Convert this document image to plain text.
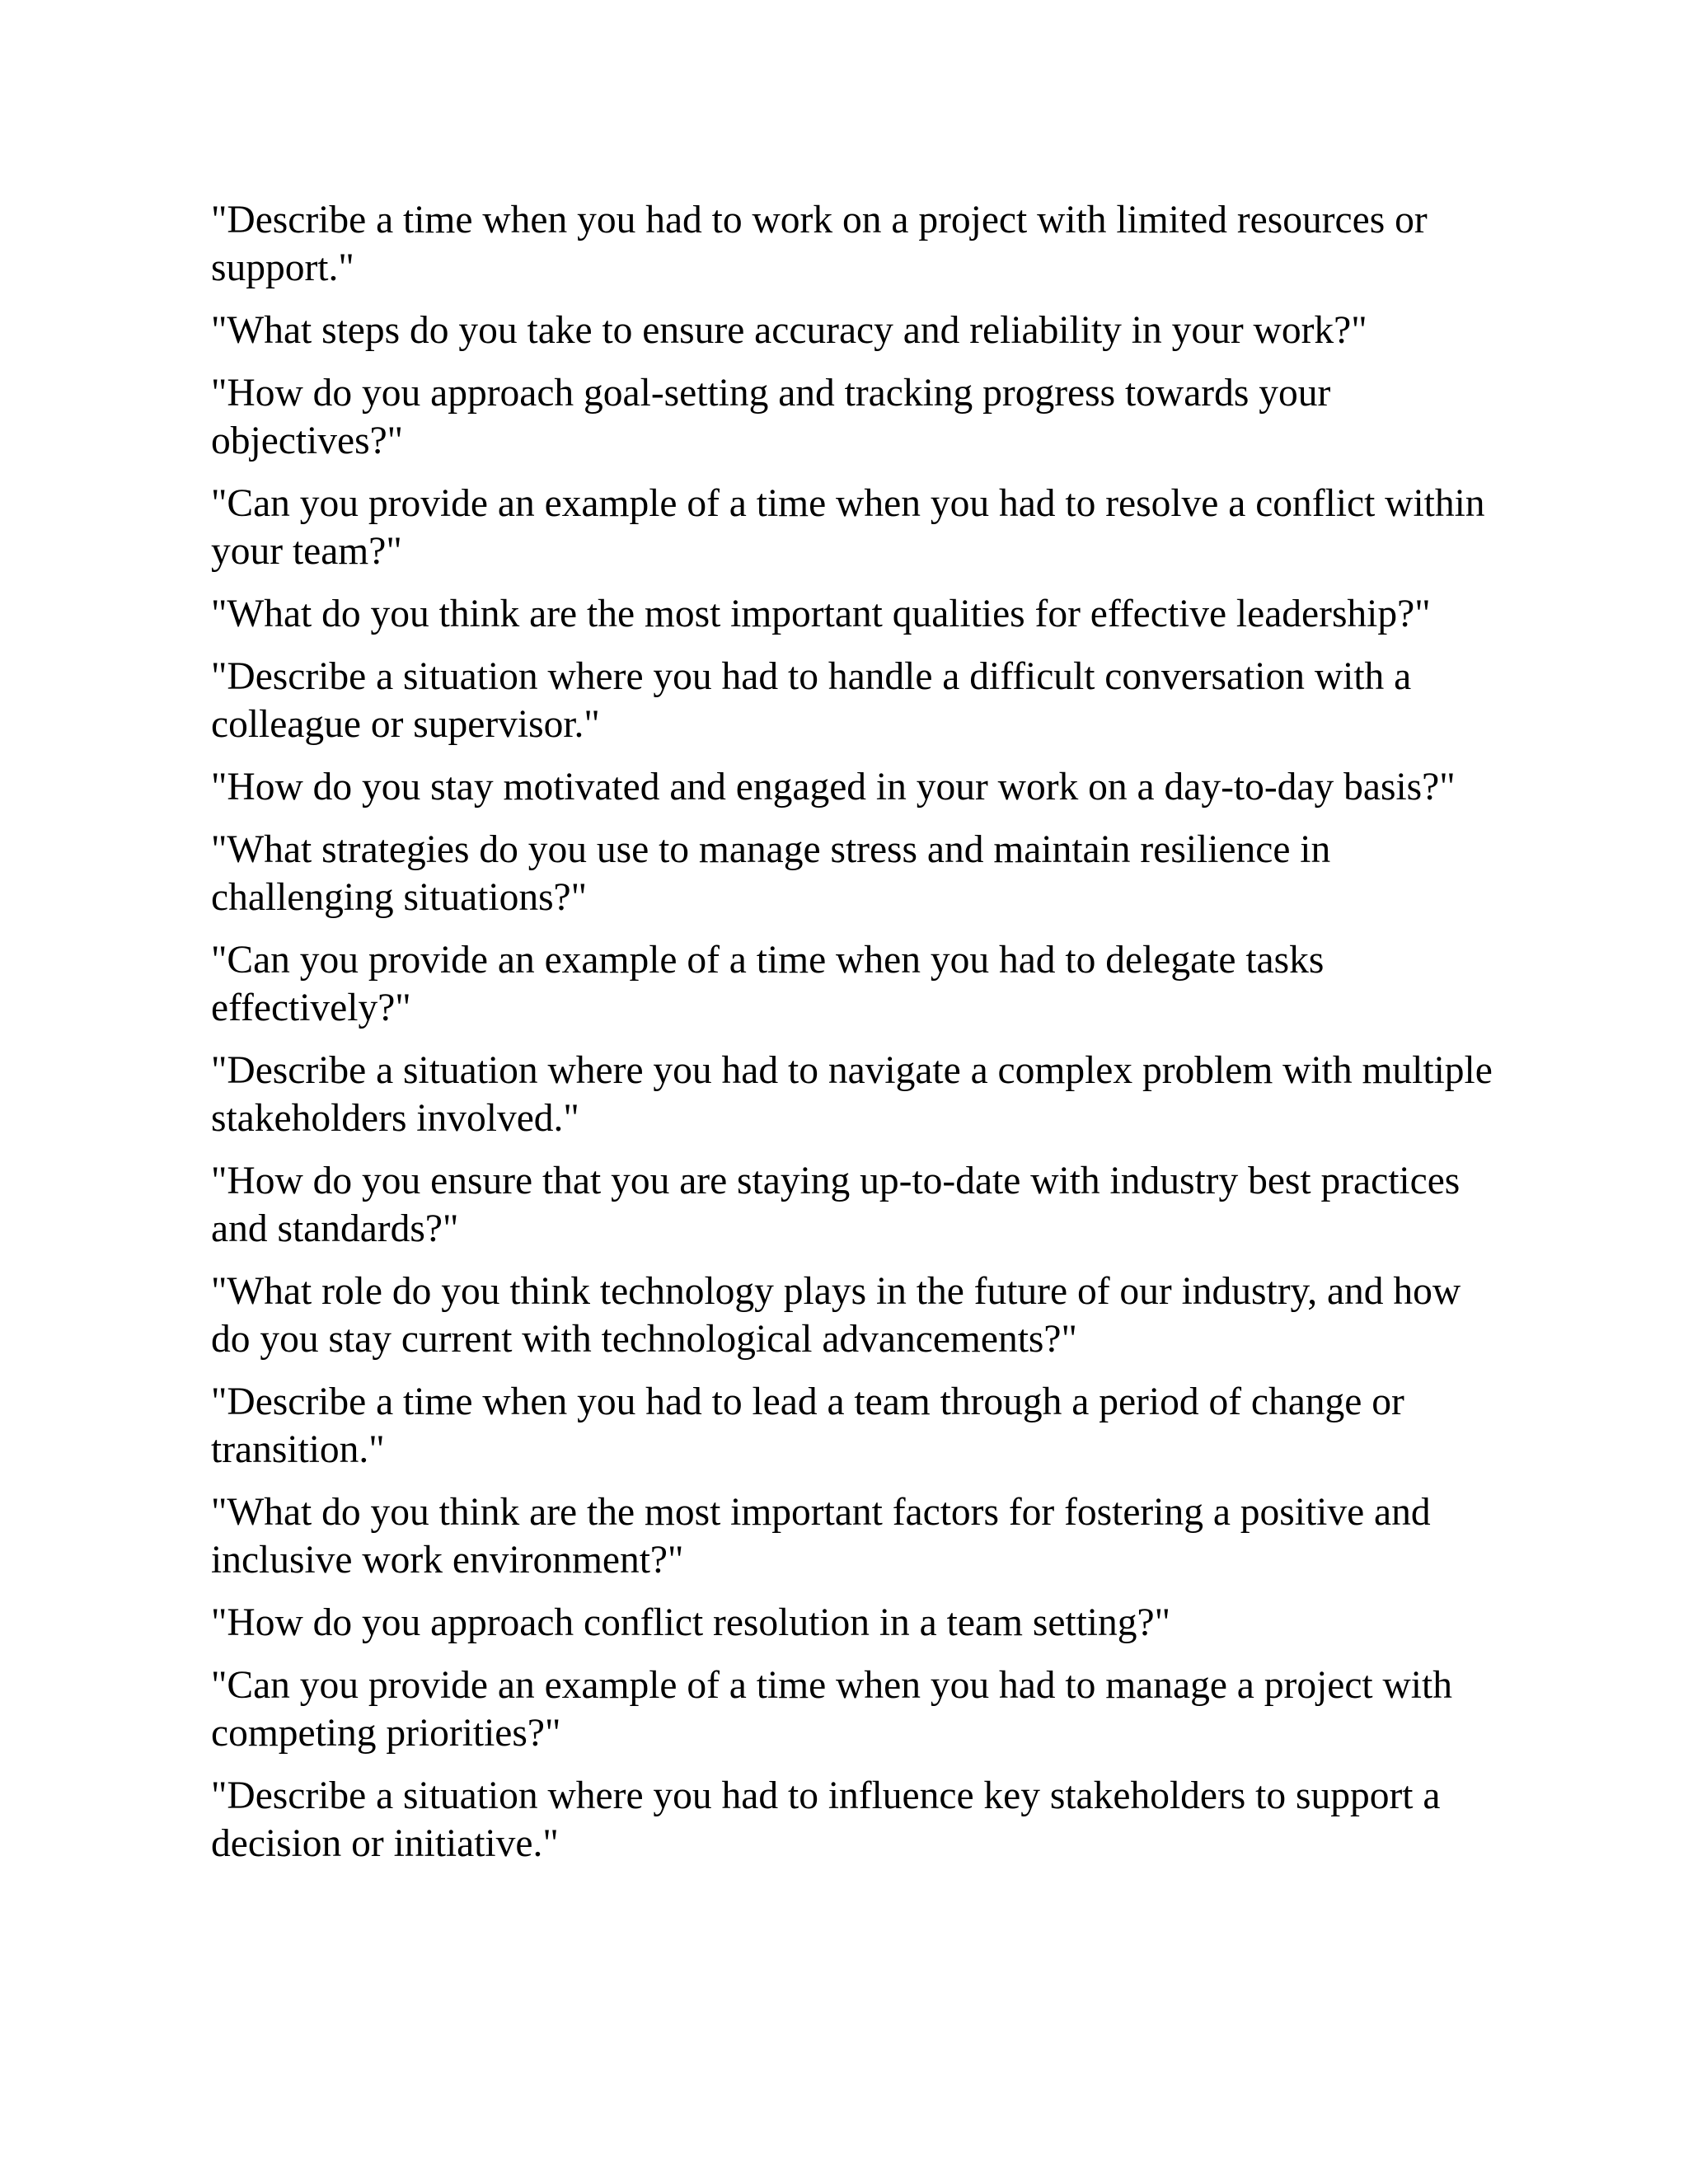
"Describe a time when you had to work on a project with limited resources or support."
"What steps do you take to ensure accuracy and reliability in your work?"
"How do you approach goal-setting and tracking progress towards your objectives?"
"Can you provide an example of a time when you had to resolve a conflict within your team?"
"What do you think are the most important qualities for effective leadership?"
"Describe a situation where you had to handle a difficult conversation with a colleague or supervisor."
"How do you stay motivated and engaged in your work on a day-to-day basis?"
"What strategies do you use to manage stress and maintain resilience in challenging situations?"
"Can you provide an example of a time when you had to delegate tasks effectively?"
"Describe a situation where you had to navigate a complex problem with multiple stakeholders involved."
"How do you ensure that you are staying up-to-date with industry best practices and standards?"
"What role do you think technology plays in the future of our industry, and how do you stay current with technological advancements?"
"Describe a time when you had to lead a team through a period of change or transition."
"What do you think are the most important factors for fostering a positive and inclusive work environment?"
"How do you approach conflict resolution in a team setting?"
"Can you provide an example of a time when you had to manage a project with competing priorities?"
"Describe a situation where you had to influence key stakeholders to support a decision or initiative."
